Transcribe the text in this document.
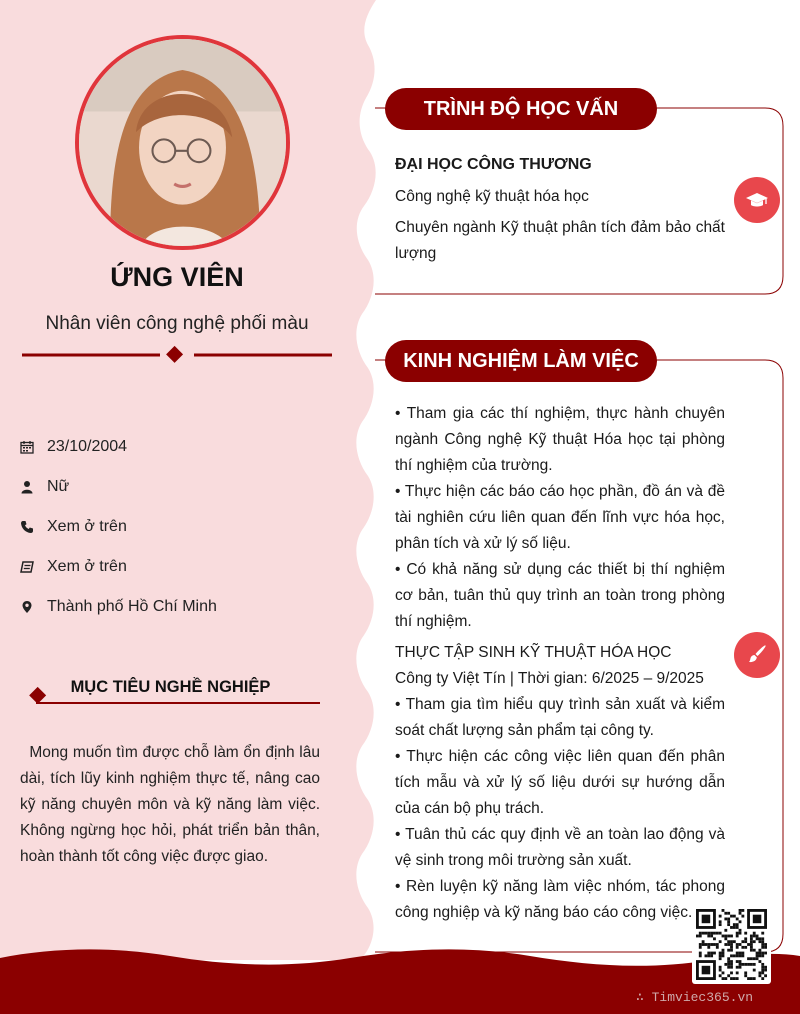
ỨNG VIÊN
Nhân viên công nghệ phối màu
23/10/2004
Nữ
Xem ở trên
Xem ở trên
Thành phố Hồ Chí Minh
MỤC TIÊU NGHỀ NGHIỆP
Mong muốn tìm được chỗ làm ổn định lâu dài, tích lũy kinh nghiệm thực tế, nâng cao kỹ năng chuyên môn và kỹ năng làm việc. Không ngừng học hỏi, phát triển bản thân, hoàn thành tốt công việc được giao.
TRÌNH ĐỘ HỌC VẤN
ĐẠI HỌC CÔNG THƯƠNG
Công nghệ kỹ thuật hóa học
Chuyên ngành Kỹ thuật phân tích đảm bảo chất lượng
KINH NGHIỆM LÀM VIỆC
• Tham gia các thí nghiệm, thực hành chuyên ngành Công nghệ Kỹ thuật Hóa học tại phòng thí nghiệm của trường.
• Thực hiện các báo cáo học phần, đồ án và đề tài nghiên cứu liên quan đến lĩnh vực hóa học, phân tích và xử lý số liệu.
• Có khả năng sử dụng các thiết bị thí nghiệm cơ bản, tuân thủ quy trình an toàn trong phòng thí nghiệm.
THỰC TẬP SINH KỸ THUẬT HÓA HỌC
Công ty Việt Tín | Thời gian: 6/2025 – 9/2025
• Tham gia tìm hiểu quy trình sản xuất và kiểm soát chất lượng sản phẩm tại công ty.
• Thực hiện các công việc liên quan đến phân tích mẫu và xử lý số liệu dưới sự hướng dẫn của cán bộ phụ trách.
• Tuân thủ các quy định về an toàn lao động và vệ sinh trong môi trường sản xuất.
• Rèn luyện kỹ năng làm việc nhóm, tác phong công nghiệp và kỹ năng báo cáo công việc.
∴ Timviec365.vn
